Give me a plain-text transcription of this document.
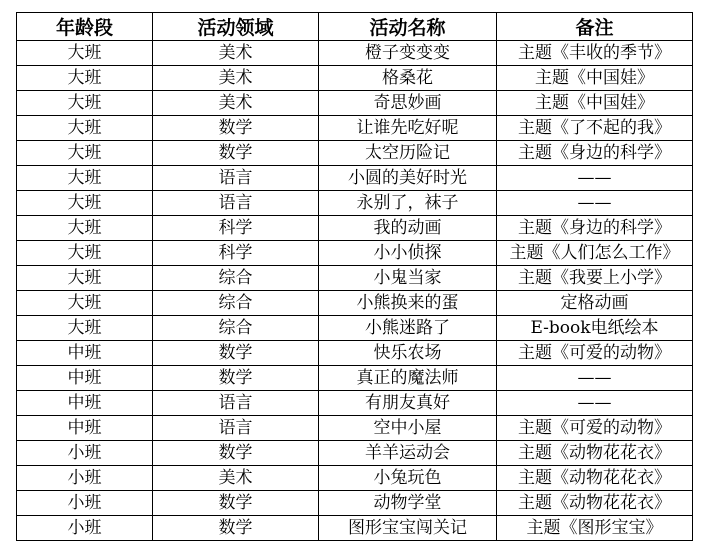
年龄段	活动领域	活动名称	备注
大班	美术	橙子变变变	主题《丰收的季节》
大班	美术	格桑花	主题《中国娃》
大班	美术	奇思妙画	主题《中国娃》
大班	数学	让谁先吃好呢	主题《了不起的我》
大班	数学	太空历险记	主题《身边的科学》
大班	语言	小圆的美好时光	——
大班	语言	永别了，袜子	——
大班	科学	我的动画	主题《身边的科学》
大班	科学	小小侦探	主题《人们怎么工作》
大班	综合	小鬼当家	主题《我要上小学》
大班	综合	小熊换来的蛋	定格动画
大班	综合	小熊迷路了	E-book电纸绘本
中班	数学	快乐农场	主题《可爱的动物》
中班	数学	真正的魔法师	——
中班	语言	有朋友真好	——
中班	语言	空中小屋	主题《可爱的动物》
小班	数学	羊羊运动会	主题《动物花花衣》
小班	美术	小兔玩色	主题《动物花花衣》
小班	数学	动物学堂	主题《动物花花衣》
小班	数学	图形宝宝闯关记	主题《图形宝宝》
